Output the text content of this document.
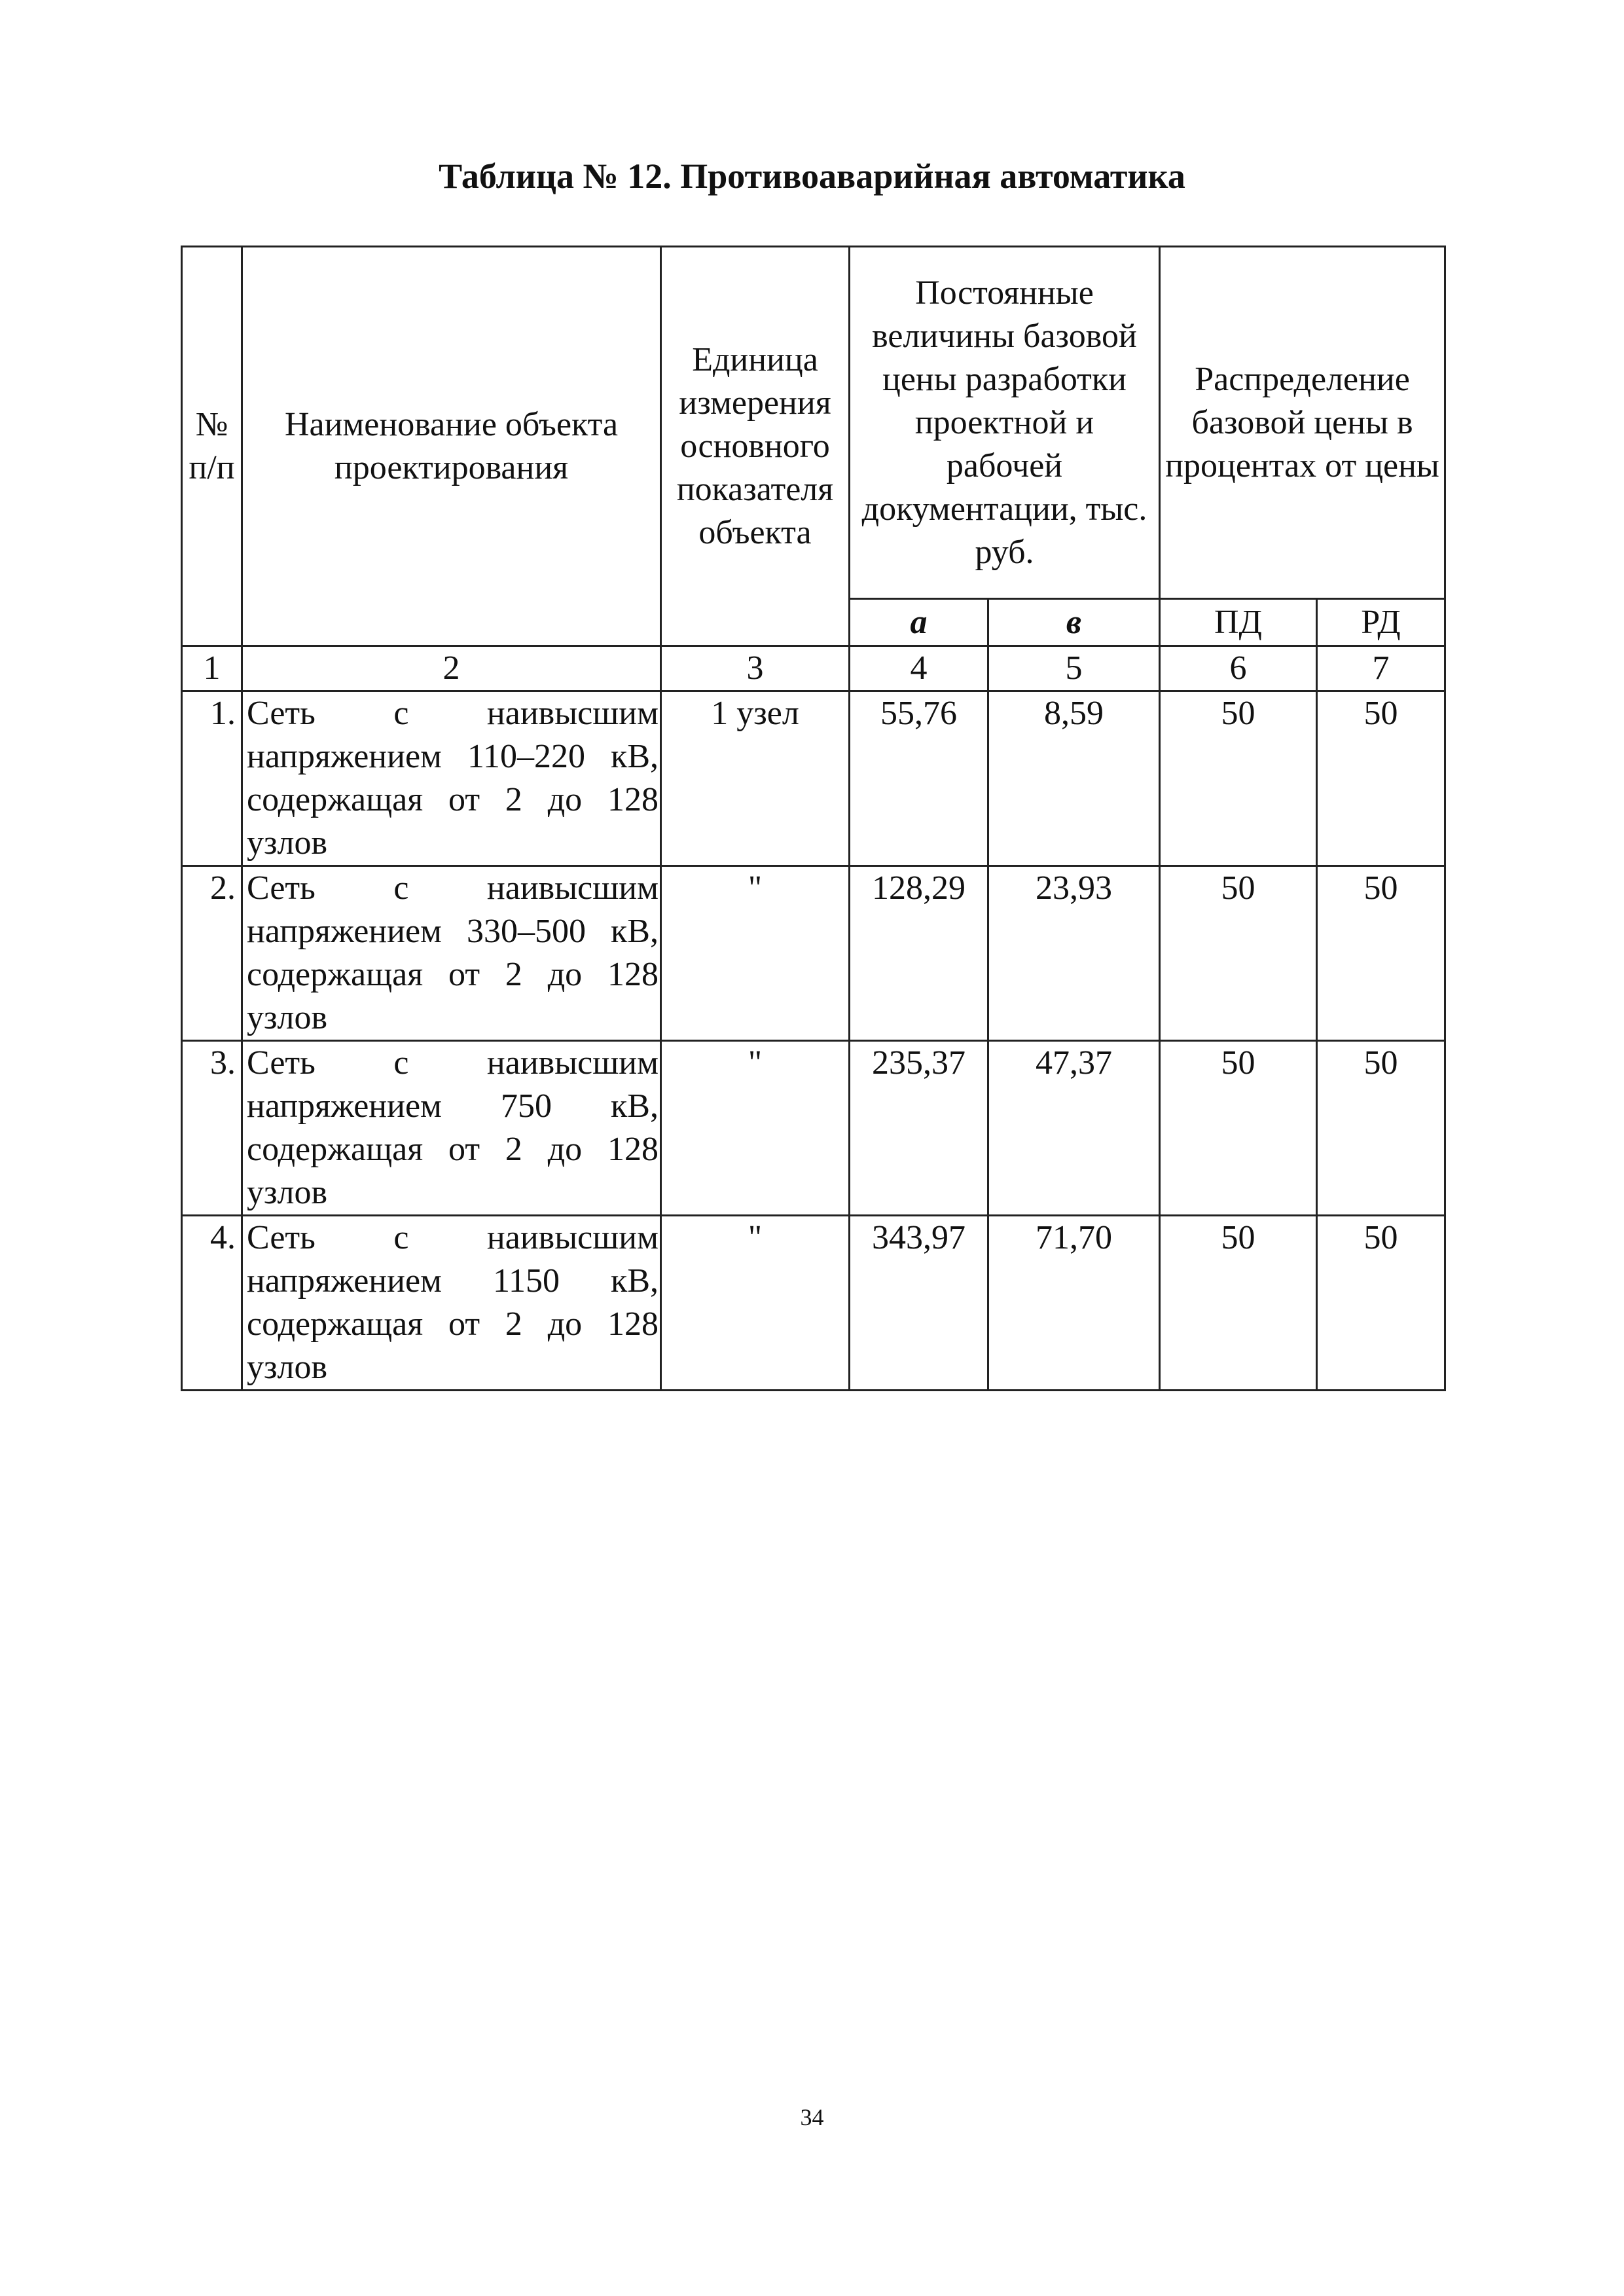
Таблица № 12. Противоаварийная автоматика
№ п/п	Наименование объекта проектирования	Единица измерения основного показателя объекта	Постоянные величины базовой цены разработки проектной и рабочей документации, тыс. руб.		Распределение базовой цены в процентах от цены	
			а	в	ПД	РД
1	2	3	4	5	6	7
1.	Сеть с наивысшим напряжением 110–220 кВ, содержащая от 2 до 128 узлов	1 узел	55,76	8,59	50	50
2.	Сеть с наивысшим напряжением 330–500 кВ, содержащая от 2 до 128 узлов	"	128,29	23,93	50	50
3.	Сеть с наивысшим напряжением 750 кВ, содержащая от 2 до 128 узлов	"	235,37	47,37	50	50
4.	Сеть с наивысшим напряжением 1150 кВ, содержащая от 2 до 128 узлов	"	343,97	71,70	50	50
34
